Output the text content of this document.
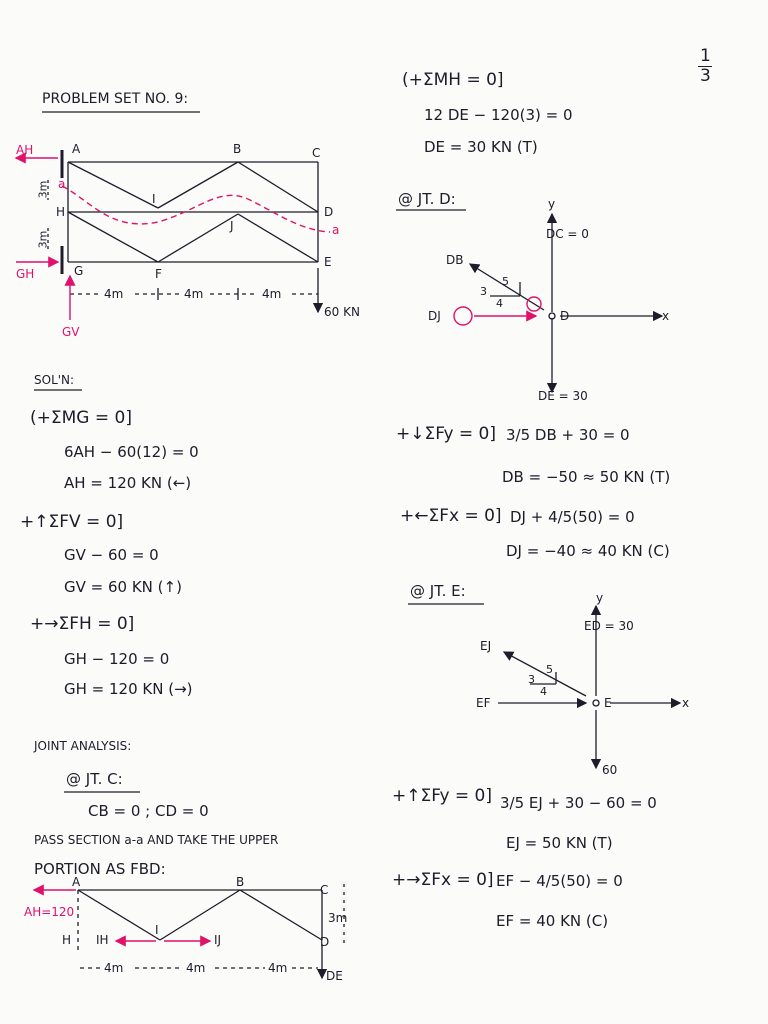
1
3
PROBLEM SET NO. 9:
A	B	C
D
E
F
G
H
I
J
AH
GH
GV
a
a
3m
3m
4m	4m	4m
60 KN
SOL'N:
(+ΣMG = 0]
6AH − 60(12) = 0
AH = 120 KN (←)
+↑ΣFV = 0]
GV − 60 = 0
GV = 60 KN (↑)
+→ΣFH = 0]
GH − 120 = 0
GH = 120 KN (→)
JOINT ANALYSIS:
@ JT. C:
CB = 0 ; CD = 0
PASS SECTION a-a AND TAKE THE UPPER
PORTION AS FBD:
A	B
C
D
I
H
AH=120
IH	IJ
3m
4m	4m	4m
DE
(+ΣMH = 0]
12 DE − 120(3) = 0
DE = 30 KN (T)
@ JT. D:	y
DC = 0
DB
DJ	D	x
DE = 30
3
4
5
+↓ΣFy = 0] 3/5 DB + 30 = 0
DB = −50 ≈ 50 KN (T)
+←ΣFx = 0] DJ + 4/5(50) = 0
DJ = −40 ≈ 40 KN (C)
@ JT. E:	y
ED = 30
EJ
EF	E	x
60
3
4
5
+↑ΣFy = 0] 3/5 EJ + 30 − 60 = 0
EJ = 50 KN (T)
+→ΣFx = 0] EF − 4/5(50) = 0
EF = 40 KN (C)
